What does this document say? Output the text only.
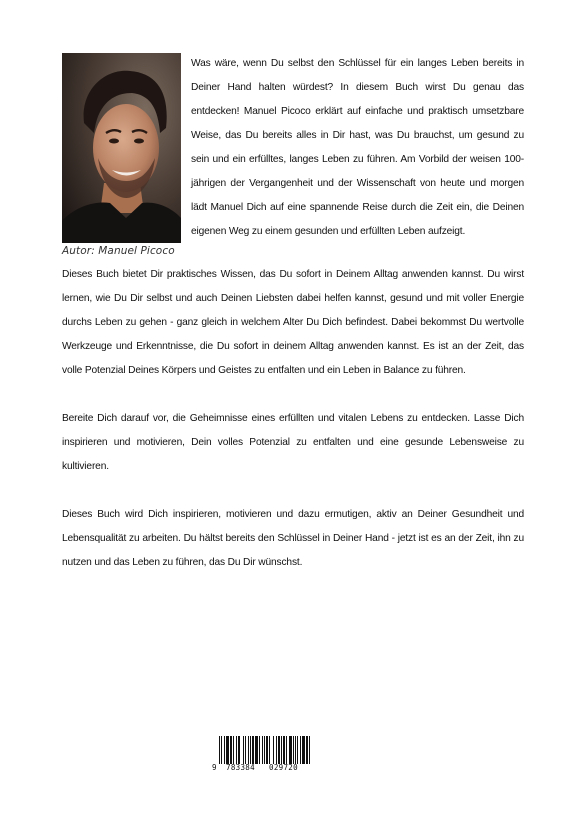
Autor: Manuel Picoco

Was wäre, wenn Du selbst den Schlüssel für ein langes Leben bereits in Deiner Hand halten würdest? In diesem Buch wirst Du genau das entdecken! Manuel Picoco erklärt auf einfache und praktisch umsetzbare Weise, das Du bereits alles in Dir hast, was Du brauchst, um gesund zu sein und ein erfülltes, langes Leben zu führen. Am Vorbild der weisen 100-jährigen der Vergangenheit und der Wissenschaft von heute und morgen lädt Manuel Dich auf eine spannende Reise durch die Zeit ein, die Deinen eigenen Weg zu einem gesunden und erfüllten Leben aufzeigt.

Dieses Buch bietet Dir praktisches Wissen, das Du sofort in Deinem Alltag anwenden kannst. Du wirst lernen, wie Du Dir selbst und auch Deinen Liebsten dabei helfen kannst, gesund und mit voller Energie durchs Leben zu gehen - ganz gleich in welchem Alter Du Dich befindest. Dabei bekommst Du wertvolle Werkzeuge und Erkenntnisse, die Du sofort in deinem Alltag anwenden kannst. Es ist an der Zeit, das volle Potenzial Deines Körpers und Geistes zu entfalten und ein Leben in Balance zu führen.

Bereite Dich darauf vor, die Geheimnisse eines erfüllten und vitalen Lebens zu entdecken. Lasse Dich inspirieren und motivieren, Dein volles Potenzial zu entfalten und eine gesunde Lebensweise zu kultivieren.

Dieses Buch wird Dich inspirieren, motivieren und dazu ermutigen, aktiv an Deiner Gesundheit und Lebensqualität zu arbeiten. Du hältst bereits den Schlüssel in Deiner Hand - jetzt ist es an der Zeit, ihn zu nutzen und das Leben zu führen, das Du Dir wünschst.

9 783384 029720
